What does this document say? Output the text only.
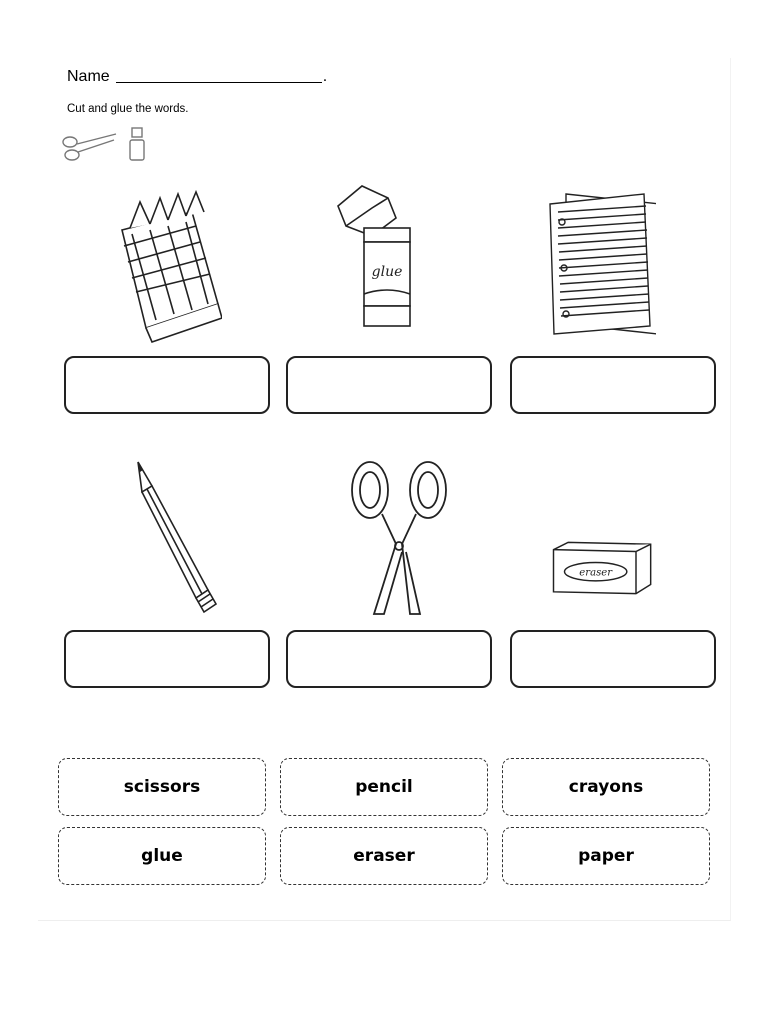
Name	.
Cut and glue the words.
glue
eraser
scissors	pencil	crayons
glue	eraser	paper
